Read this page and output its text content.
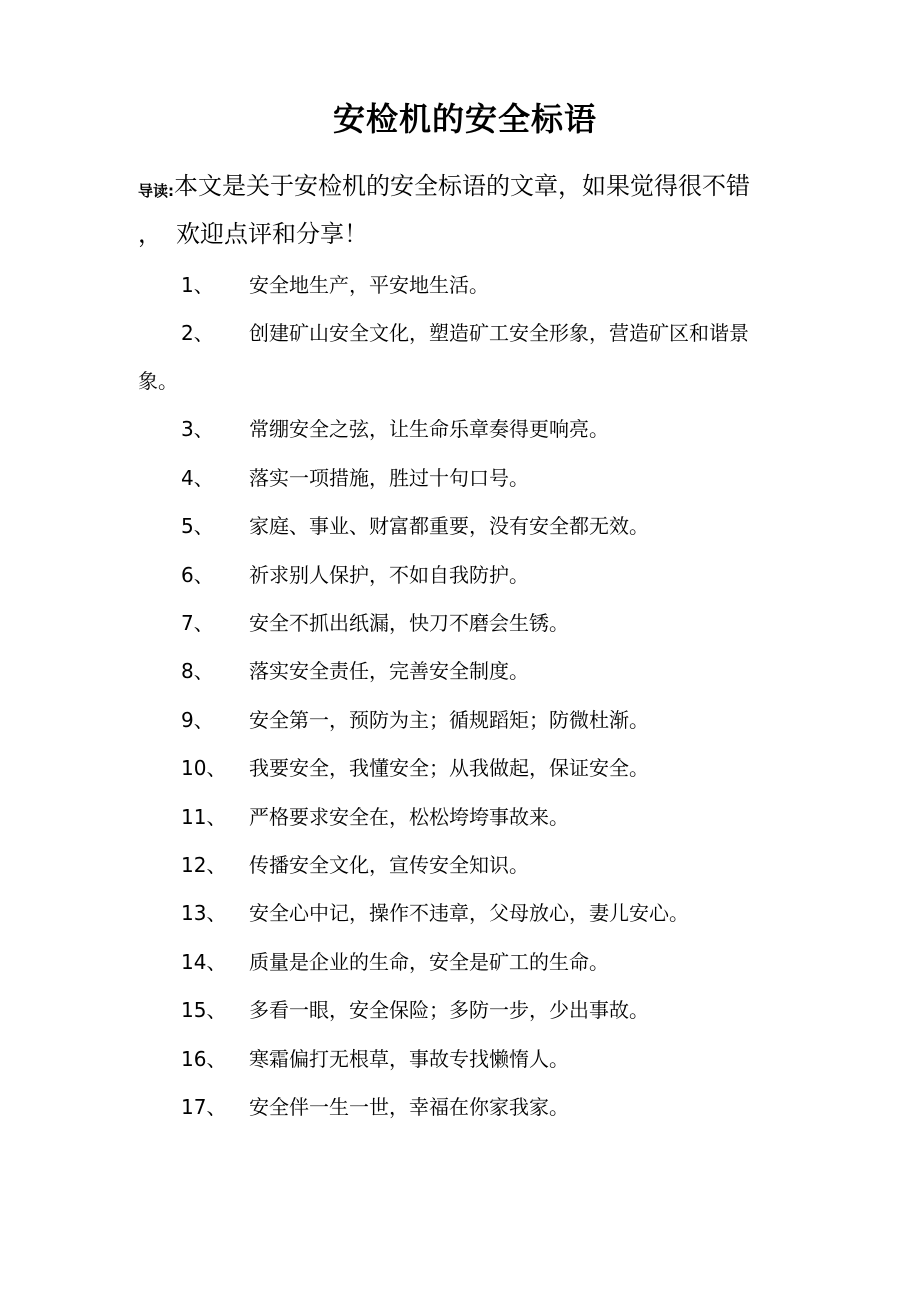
安检机的安全标语
导读:本文是关于安检机的安全标语的文章，如果觉得很不错
， 欢迎点评和分享！
1、 安全地生产，平安地生活。
2、 创建矿山安全文化，塑造矿工安全形象，营造矿区和谐景
象。
3、 常绷安全之弦，让生命乐章奏得更响亮。
4、 落实一项措施，胜过十句口号。
5、 家庭、事业、财富都重要，没有安全都无效。
6、 祈求别人保护，不如自我防护。
7、 安全不抓出纸漏，快刀不磨会生锈。
8、 落实安全责任，完善安全制度。
9、 安全第一，预防为主；循规蹈矩；防微杜渐。
10、 我要安全，我懂安全；从我做起，保证安全。
11、 严格要求安全在，松松垮垮事故来。
12、 传播安全文化，宣传安全知识。
13、 安全心中记，操作不违章，父母放心，妻儿安心。
14、 质量是企业的生命，安全是矿工的生命。
15、 多看一眼，安全保险；多防一步，少出事故。
16、 寒霜偏打无根草，事故专找懒惰人。
17、 安全伴一生一世，幸福在你家我家。
